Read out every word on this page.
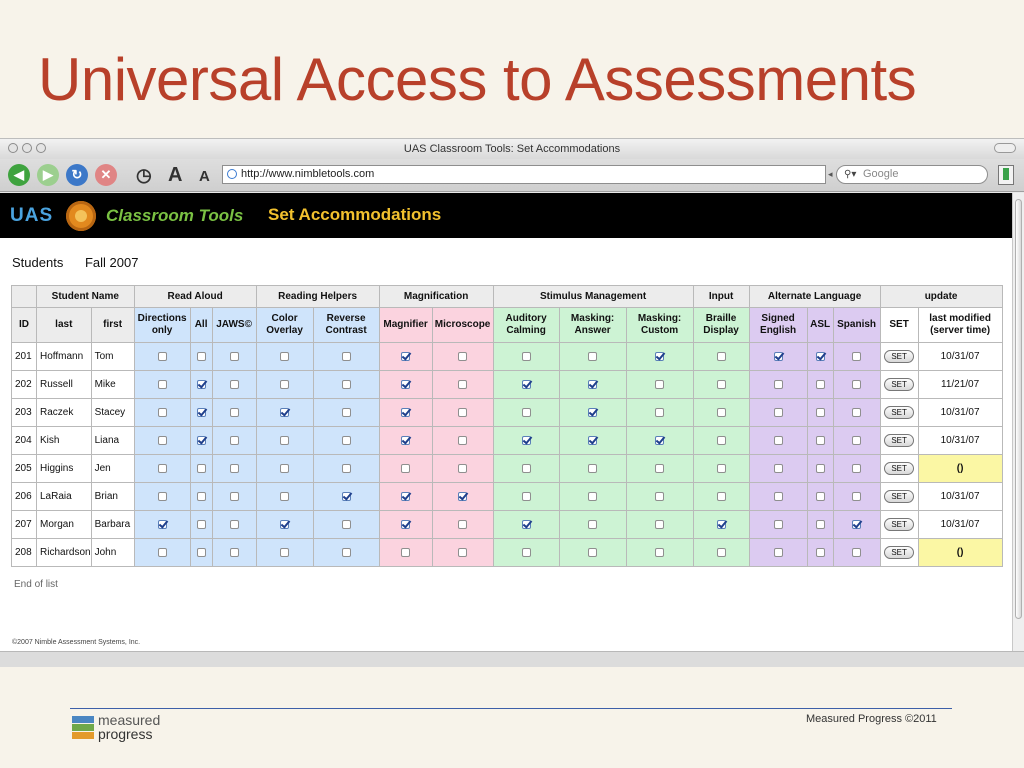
Universal Access to Assessments
UAS Classroom Tools: Set Accommodations
◀	▶	↻	✕	◷ A A	http://www.nimbletools.com	◂ ⚲▾ Google
UAS	Classroom Tools Set Accommodations
Students Fall 2007
	Student Name		Read Aloud			Reading Helpers		Magnification		Stimulus Management			Input	Alternate Language			update	
ID	last	first	Directions only	All	JAWS©	Color Overlay	Reverse Contrast	Magnifier	Microscope	Auditory Calming	Masking: Answer	Masking: Custom	Braille Display	Signed English	ASL	Spanish	SET	last modified (server time)
201	Hoffmann	Tom															SET	10/31/07
202	Russell	Mike															SET	11/21/07
203	Raczek	Stacey															SET	10/31/07
204	Kish	Liana															SET	10/31/07
205	Higgins	Jen															SET	()
206	LaRaia	Brian															SET	10/31/07
207	Morgan	Barbara															SET	10/31/07
208	Richardson	John															SET	()
End of list
©2007 Nimble Assessment Systems, Inc.
measured
progress
Measured Progress ©2011
